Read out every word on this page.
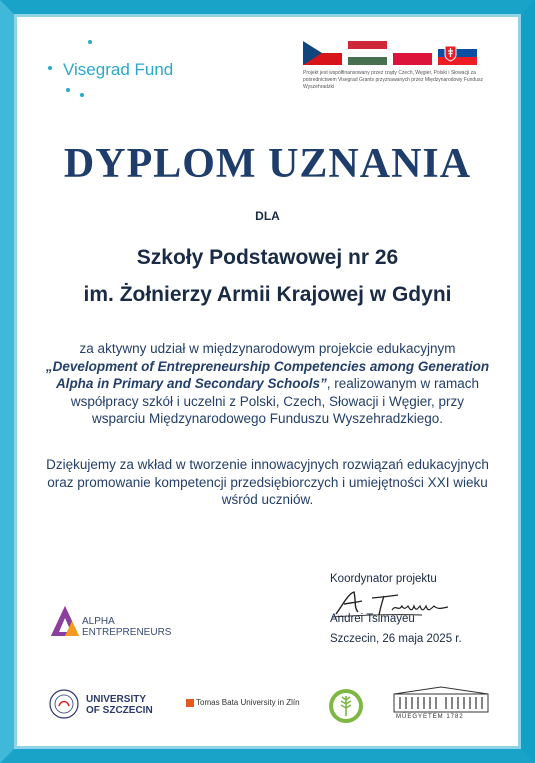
Visegrad Fund	Projekt jest współfinansowany przez rządy Czech, Węgier, Polski i Słowacji za pośrednictwem Visegrad Grants przyznawanych przez Międzynarodowy Fundusz Wyszehradzki
DYPLOM UZNANIA
DLA
Szkoły Podstawowej nr 26
im. Żołnierzy Armii Krajowej w Gdyni
za aktywny udział w międzynarodowym projekcie edukacyjnym „Development of Entrepreneurship Competencies among Generation Alpha in Primary and Secondary Schools”, realizowanym w ramach współpracy szkół i uczelni z Polski, Czech, Słowacji i Węgier, przy wsparciu Międzynarodowego Funduszu Wyszehradzkiego.
Dziękujemy za wkład w tworzenie innowacyjnych rozwiązań edukacyjnych oraz promowanie kompetencji przedsiębiorczych i umiejętności XXI wieku wśród uczniów.
Koordynator projektu
Andrei Tsimayeu
Szczecin, 26 maja 2025 r.
ALPHA
ENTREPRENEURS
UNIVERSITY
OF SZCZECIN
Tomas Bata University in Zlín
MŰEGYETEM 1782
